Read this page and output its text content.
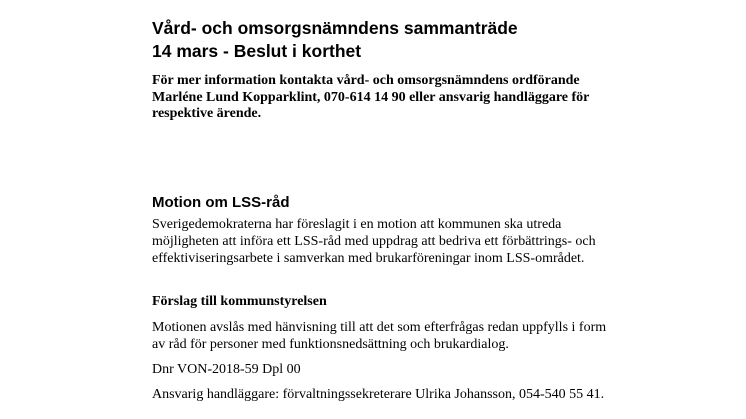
Vård- och omsorgsnämndens sammanträde
14 mars - Beslut i korthet

För mer information kontakta vård- och omsorgsnämndens ordförande Marléne Lund Kopparklint, 070-614 14 90 eller ansvarig handläggare för respektive ärende.

Motion om LSS-råd

Sverigedemokraterna har föreslagit i en motion att kommunen ska utreda möjligheten att införa ett LSS-råd med uppdrag att bedriva ett förbättrings- och effektiviseringsarbete i samverkan med brukarföreningar inom LSS-området.

Förslag till kommunstyrelsen

Motionen avslås med hänvisning till att det som efterfrågas redan uppfylls i form av råd för personer med funktionsnedsättning och brukardialog.

Dnr VON-2018-59 Dpl 00

Ansvarig handläggare: förvaltningssekreterare Ulrika Johansson, 054-540 55 41.
